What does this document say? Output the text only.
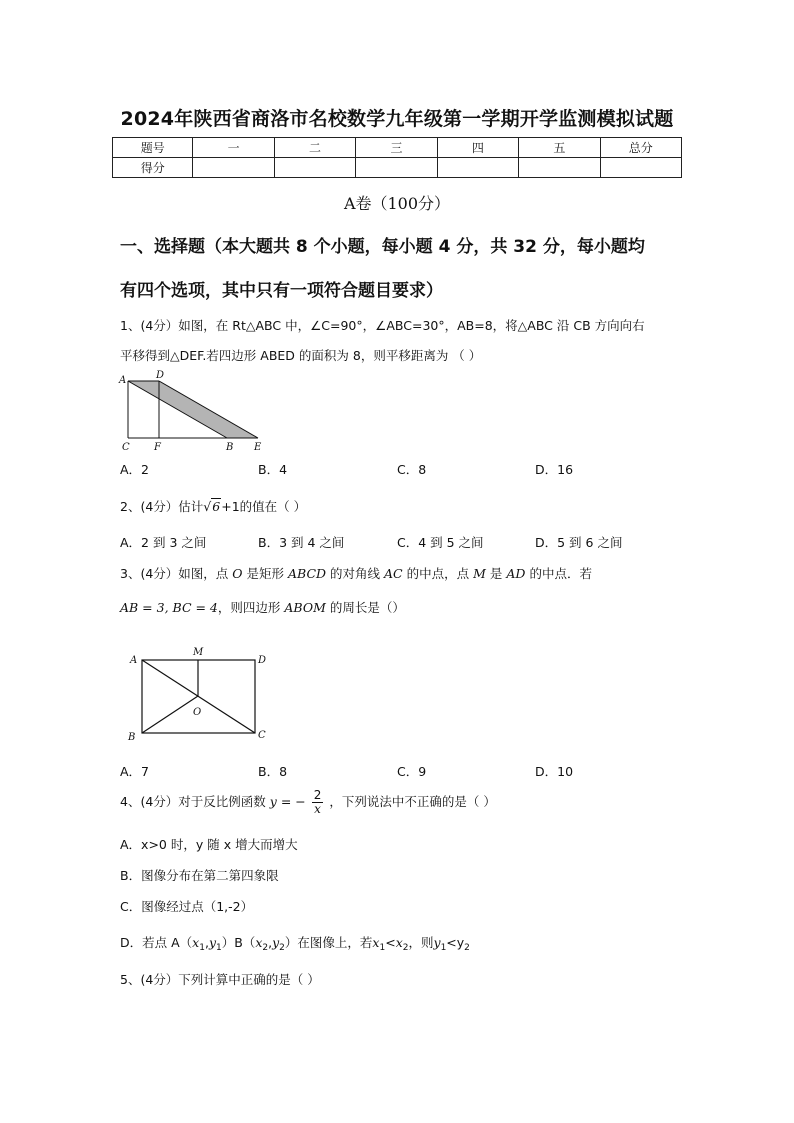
2024年陕西省商洛市名校数学九年级第一学期开学监测模拟试题
题号	一	二	三	四	五	总分
得分						
A卷（100分）
一、选择题（本大题共 8 个小题，每小题 4 分，共 32 分，每小题均
有四个选项，其中只有一项符合题目要求）
1、(4分）如图，在 Rt△ABC 中，∠C=90°，∠ABC=30°，AB=8，将△ABC 沿 CB 方向向右
平移得到△DEF.若四边形 ABED 的面积为 8，则平移距离为 （ ）
A	D
C F	B E
A．2	B．4	C．8	D．16
2、(4分）估计√6+1的值在（ ）
A．2 到 3 之间	B．3 到 4 之间	C．4 到 5 之间	D．5 到 6 之间
3、(4分）如图，点 O 是矩形 ABCD 的对角线 AC 的中点，点 M 是 AD 的中点．若
AB = 3, BC = 4，则四边形 ABOM 的周长是（）
A
M
D
O
B	C
A．7	B．8	C．9	D．10
4、(4分）对于反比例函数 y = − $\frac{2}{x}$ ，下列说法中不正确的是（ ）
A．x>0 时，y 随 x 增大而增大
B．图像分布在第二第四象限
C．图像经过点（1,-2）
D．若点 $A(x_1,y_1)B(x_2,y_2)$在图像上，若$x_1<x_2$，则$y_1<y_2$
5、(4分）下列计算中正确的是（ ）
